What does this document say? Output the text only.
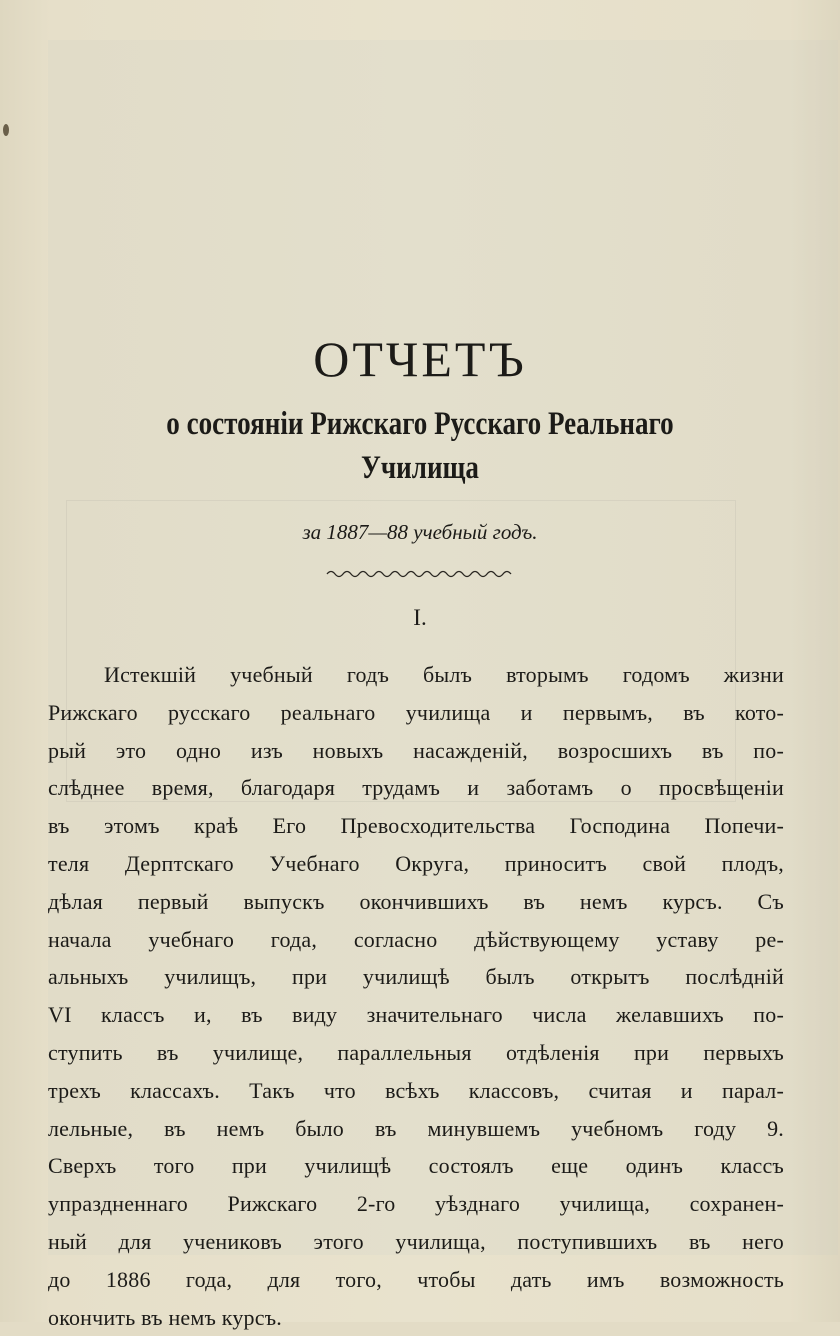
ОТЧЕТЪ
о состоянiи Рижскаго Русскаго Реальнаго
Училища
за 1887—88 учебный годъ.
I.
Истекшiй учебный годъ былъ вторымъ годомъ жизни
Рижскаго русскаго реальнаго училища и первымъ, въ кото-
рый это одно изъ новыхъ насажденiй, возросшихъ въ по-
слѣднее время, благодаря трудамъ и заботамъ о просвѣщенiи
въ этомъ краѣ Его Превосходительства Господина Попечи-
теля Дерптскаго Учебнаго Округа, приноситъ свой плодъ,
дѣлая первый выпускъ окончившихъ въ немъ курсъ. Съ
начала учебнаго года, согласно дѣйствующему уставу ре-
альныхъ училищъ, при училищѣ былъ открытъ послѣднiй
VI классъ и, въ виду значительнаго числа желавшихъ по-
ступить въ училище, параллельныя отдѣленiя при первыхъ
трехъ классахъ. Такъ что всѣхъ классовъ, считая и парал-
лельные, въ немъ было въ минувшемъ учебномъ году 9.
Сверхъ того при училищѣ состоялъ еще одинъ классъ
упраздненнаго Рижскаго 2-го уѣзднаго училища, сохранен-
ный для учениковъ этого училища, поступившихъ въ него
до 1886 года, для того, чтобы дать имъ возможность
окончить въ немъ курсъ.
